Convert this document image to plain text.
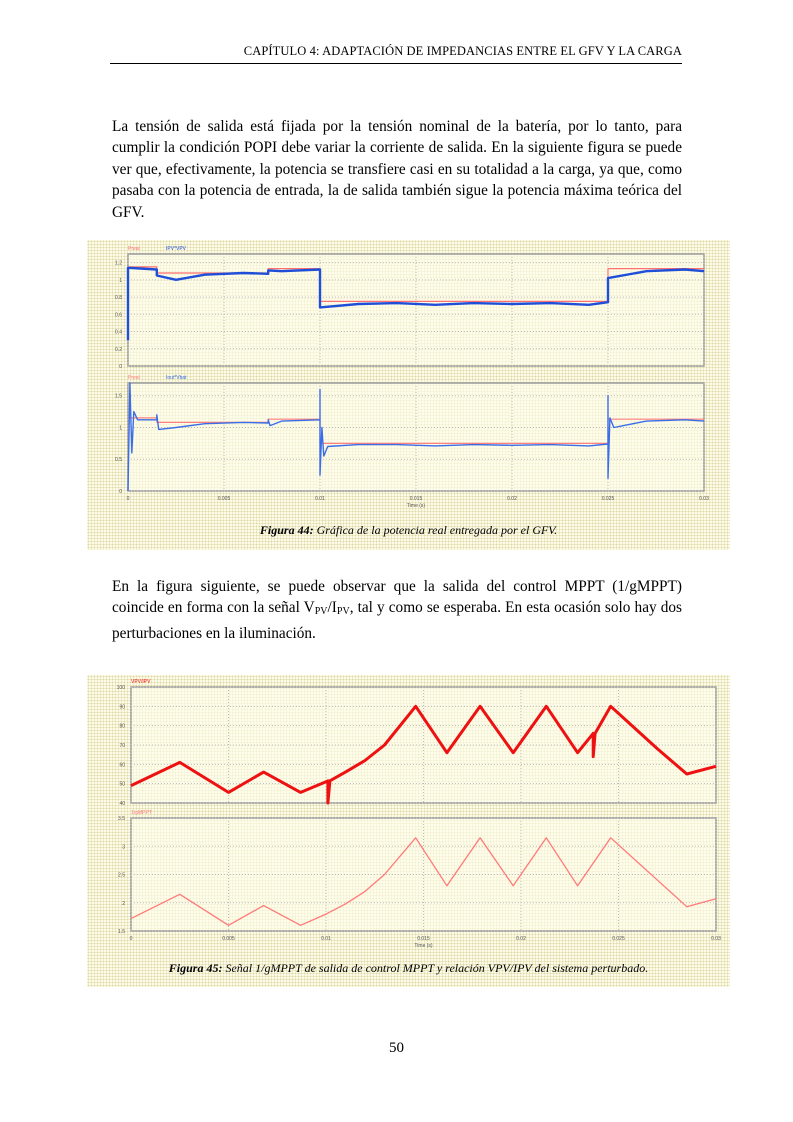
CAPÍTULO 4: ADAPTACIÓN DE IMPEDANCIAS ENTRE EL GFV Y LA CARGA
La tensión de salida está fijada por la tensión nominal de la batería, por lo tanto, para cumplir la condición POPI debe variar la corriente de salida. En la siguiente figura se puede ver que, efectivamente, la potencia se transfiere casi en su totalidad a la carga, ya que, como pasaba con la potencia de entrada, la de salida también sigue la potencia máxima teórica del GFV.
0
0.2
0.4
0.6
0.8
1
1.2
Preal	IPV*VPV
0
0.5
1
1.5
0	0.005	0.01	0.015	0.02	0.025	0.03
Time (s)
Preal	Iout*Vbat
Figura 44: Gráfica de la potencia real entregada por el GFV.
En la figura siguiente, se puede observar que la salida del control MPPT (1/gMPPT) coincide en forma con la señal $V_{PV}/I_{PV}$, tal y como se esperaba. En esta ocasión solo hay dos perturbaciones en la iluminación.
40
50
60
70
80
90
100
VPV/IPV
1.5
2
2.5
3
3.5
0	0.005	0.01	0.015	0.02	0.025	0.03
Time (s)
1/gMPPT
Figura 45: Señal 1/gMPPT de salida de control MPPT y relación VPV/IPV del sistema perturbado.
50
